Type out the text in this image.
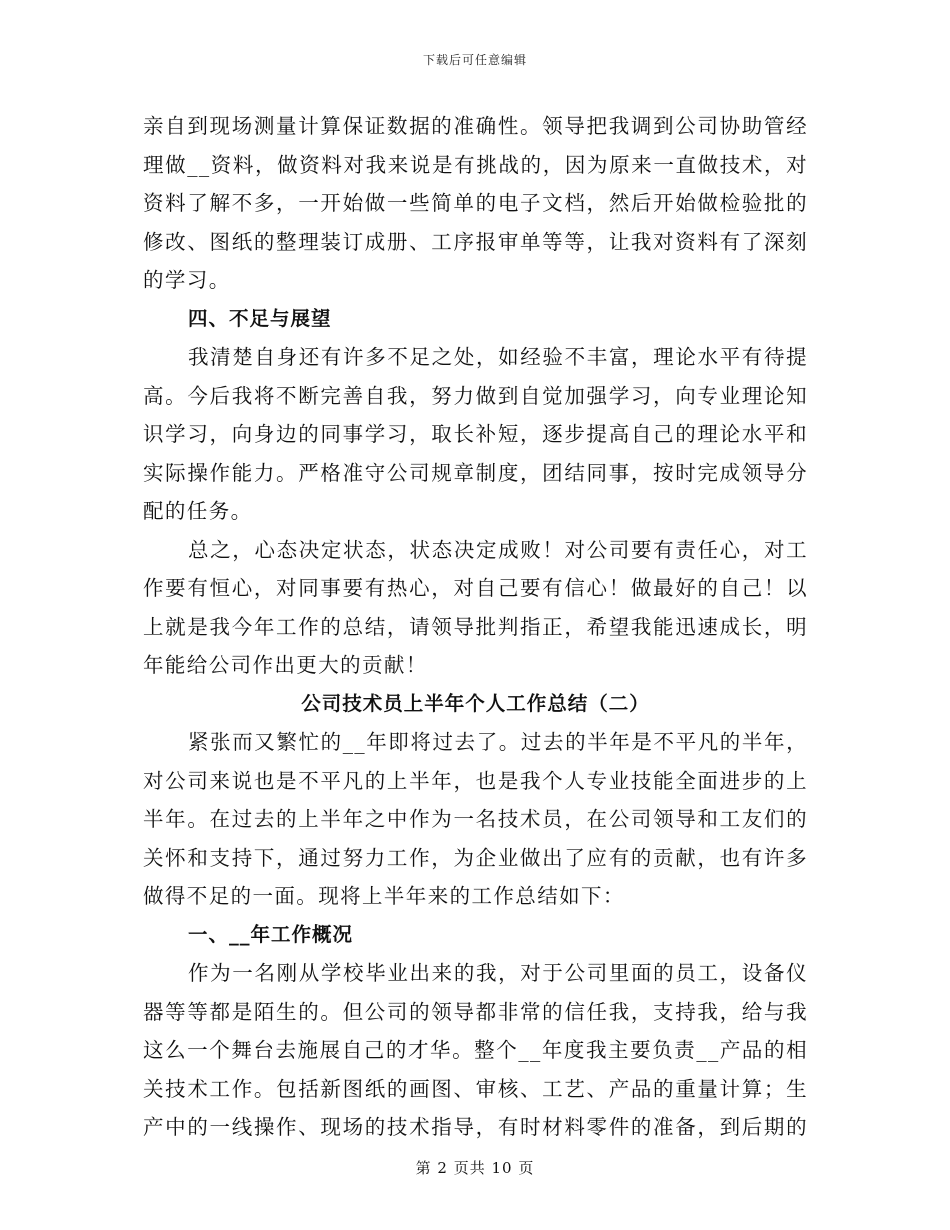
下载后可任意编辑
亲自到现场测量计算保证数据的准确性。领导把我调到公司协助管经
理做__资料，做资料对我来说是有挑战的，因为原来一直做技术，对
资料了解不多，一开始做一些简单的电子文档，然后开始做检验批的
修改、图纸的整理装订成册、工序报审单等等，让我对资料有了深刻
的学习。
四、不足与展望
我清楚自身还有许多不足之处，如经验不丰富，理论水平有待提
高。今后我将不断完善自我，努力做到自觉加强学习，向专业理论知
识学习，向身边的同事学习，取长补短，逐步提高自己的理论水平和
实际操作能力。严格准守公司规章制度，团结同事，按时完成领导分
配的任务。
总之，心态决定状态，状态决定成败！对公司要有责任心，对工
作要有恒心，对同事要有热心，对自己要有信心！做最好的自己！以
上就是我今年工作的总结，请领导批判指正，希望我能迅速成长，明
年能给公司作出更大的贡献！
公司技术员上半年个人工作总结（二）
紧张而又繁忙的__年即将过去了。过去的半年是不平凡的半年，
对公司来说也是不平凡的上半年，也是我个人专业技能全面进步的上
半年。在过去的上半年之中作为一名技术员，在公司领导和工友们的
关怀和支持下，通过努力工作，为企业做出了应有的贡献，也有许多
做得不足的一面。现将上半年来的工作总结如下：
一、__年工作概况
作为一名刚从学校毕业出来的我，对于公司里面的员工，设备仪
器等等都是陌生的。但公司的领导都非常的信任我，支持我，给与我
这么一个舞台去施展自己的才华。整个__年度我主要负责__产品的相
关技术工作。包括新图纸的画图、审核、工艺、产品的重量计算；生
产中的一线操作、现场的技术指导，有时材料零件的准备，到后期的
第 2 页共 10 页
